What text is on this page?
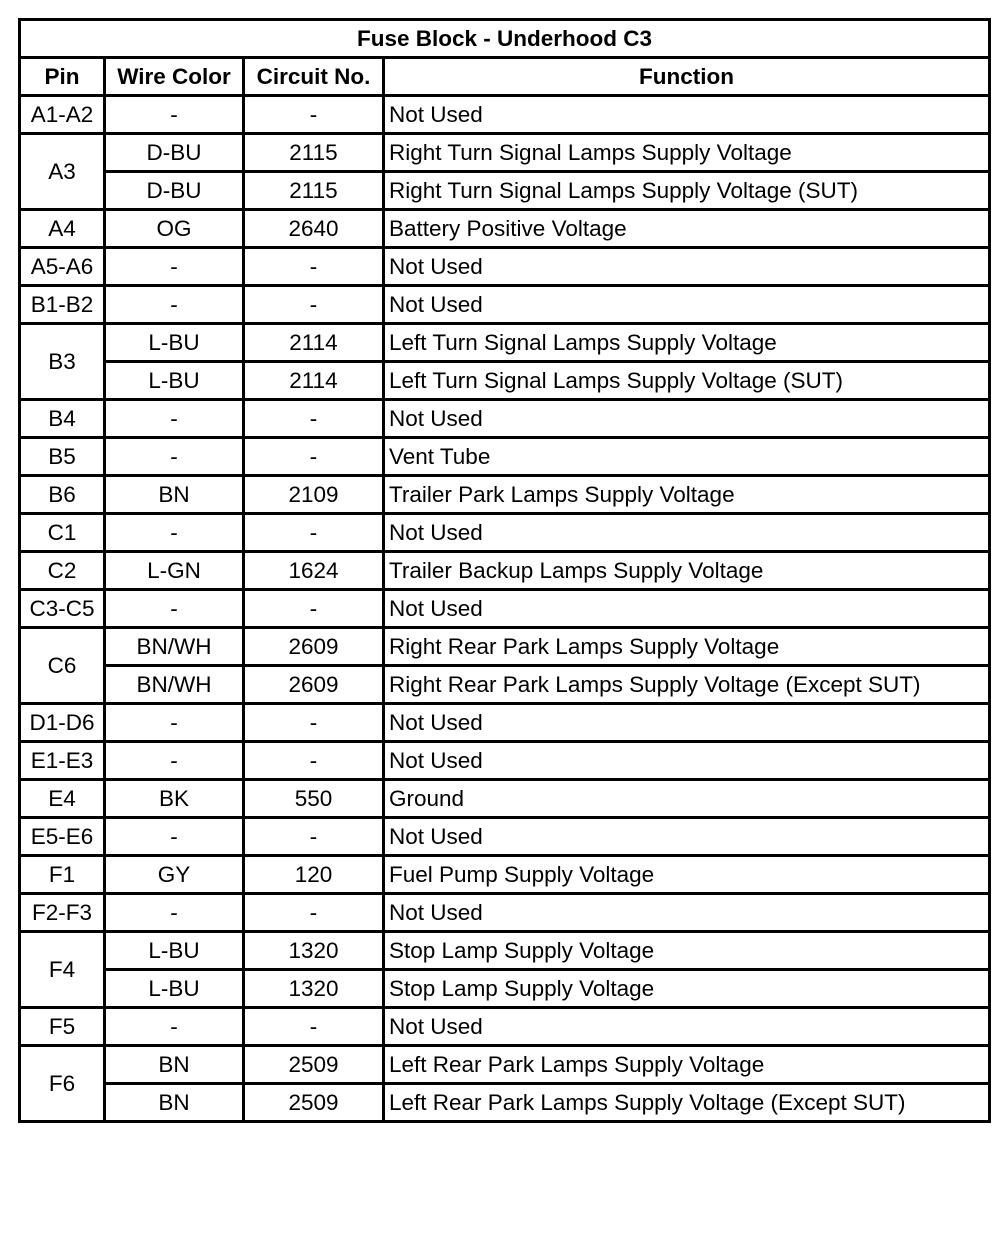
Fuse Block - Underhood C3			
Pin	Wire Color	Circuit No.	Function
A1-A2	-	-	Not Used
A3	D-BU	2115	Right Turn Signal Lamps Supply Voltage
	D-BU	2115	Right Turn Signal Lamps Supply Voltage (SUT)
A4	OG	2640	Battery Positive Voltage
A5-A6	-	-	Not Used
B1-B2	-	-	Not Used
B3	L-BU	2114	Left Turn Signal Lamps Supply Voltage
	L-BU	2114	Left Turn Signal Lamps Supply Voltage (SUT)
B4	-	-	Not Used
B5	-	-	Vent Tube
B6	BN	2109	Trailer Park Lamps Supply Voltage
C1	-	-	Not Used
C2	L-GN	1624	Trailer Backup Lamps Supply Voltage
C3-C5	-	-	Not Used
C6	BN/WH	2609	Right Rear Park Lamps Supply Voltage
	BN/WH	2609	Right Rear Park Lamps Supply Voltage (Except SUT)
D1-D6	-	-	Not Used
E1-E3	-	-	Not Used
E4	BK	550	Ground
E5-E6	-	-	Not Used
F1	GY	120	Fuel Pump Supply Voltage
F2-F3	-	-	Not Used
F4	L-BU	1320	Stop Lamp Supply Voltage
	L-BU	1320	Stop Lamp Supply Voltage
F5	-	-	Not Used
F6	BN	2509	Left Rear Park Lamps Supply Voltage
	BN	2509	Left Rear Park Lamps Supply Voltage (Except SUT)
